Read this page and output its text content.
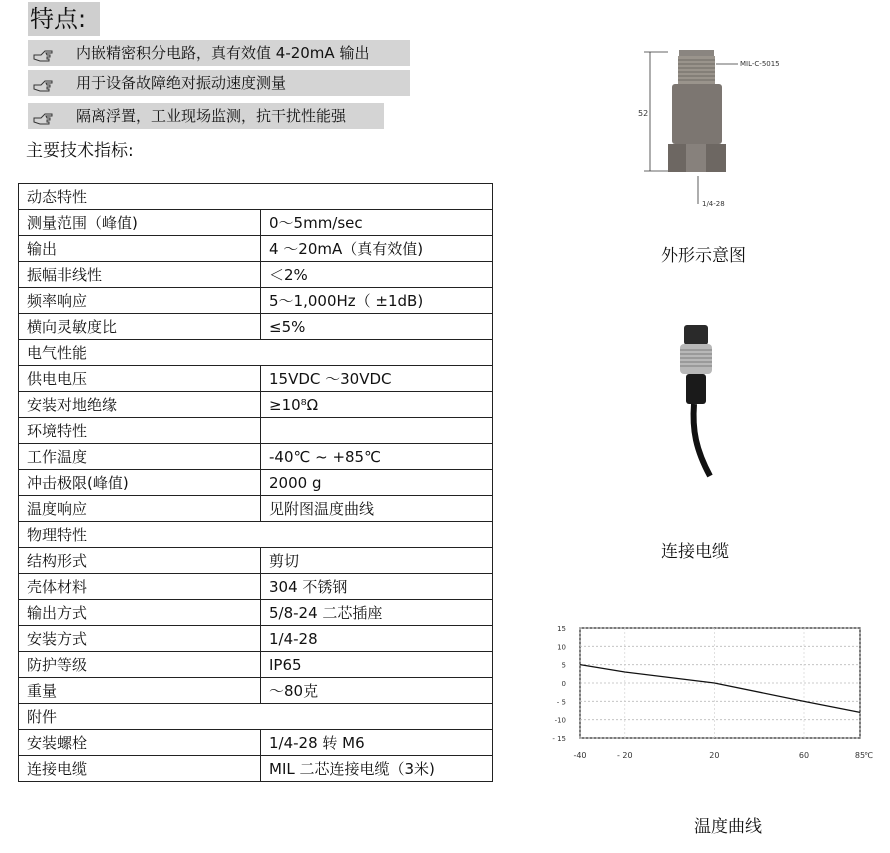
特点:
内嵌精密积分电路，真有效值 4-20mA 输出
用于设备故障绝对振动速度测量
隔离浮置，工业现场监测，抗干扰性能强
主要技术指标:
动态特性	
测量范围（峰值)	0～5mm/sec
输出	4 ～20mA（真有效值)
振幅非线性	＜2%
频率响应	5～1,000Hz（ ±1dB)
横向灵敏度比	≤5%
电气性能	
供电电压	15VDC ～30VDC
安装对地绝缘	≥10⁸Ω
环境特性	
工作温度	-40℃ ~ +85℃
冲击极限(峰值)	2000 g
温度响应	见附图温度曲线
物理特性	
结构形式	剪切
壳体材料	304 不锈钢
输出方式	5/8-24 二芯插座
安装方式	1/4-28
防护等级	IP65
重量	～80克
附件	
安装螺栓	1/4-28 转 M6
连接电缆	MIL 二芯连接电缆（3米)
52
MIL-C-5015
1/4-28
外形示意图
连接电缆
15
10
5
0
- 5
-10
- 15
-40	- 20	20	60	85
℃
温度曲线
